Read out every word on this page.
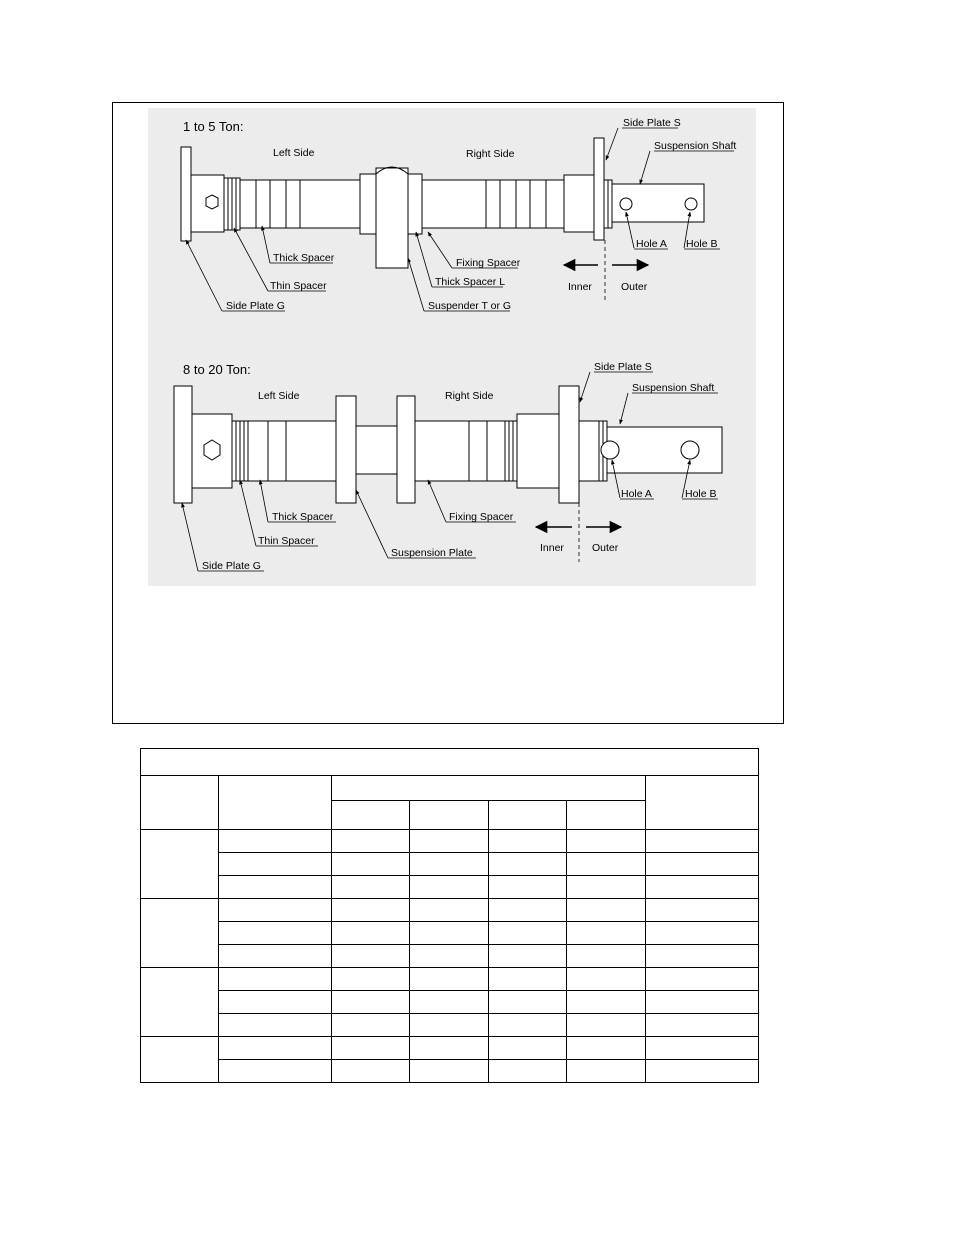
1 to 5 Ton:
Left Side	Right Side
Side Plate S
Suspension Shaft
Hole A Hole B
Thick Spacer
Thin Spacer
Side Plate G
Fixing Spacer
Thick Spacer L
Suspender T or G
Inner	Outer
8 to 20 Ton:
Left Side	Right Side
Side Plate S
Suspension Shaft
Hole A	Hole B
Thick Spacer
Thin Spacer
Side Plate G
Suspension Plate
Fixing Spacer
Inner	Outer
